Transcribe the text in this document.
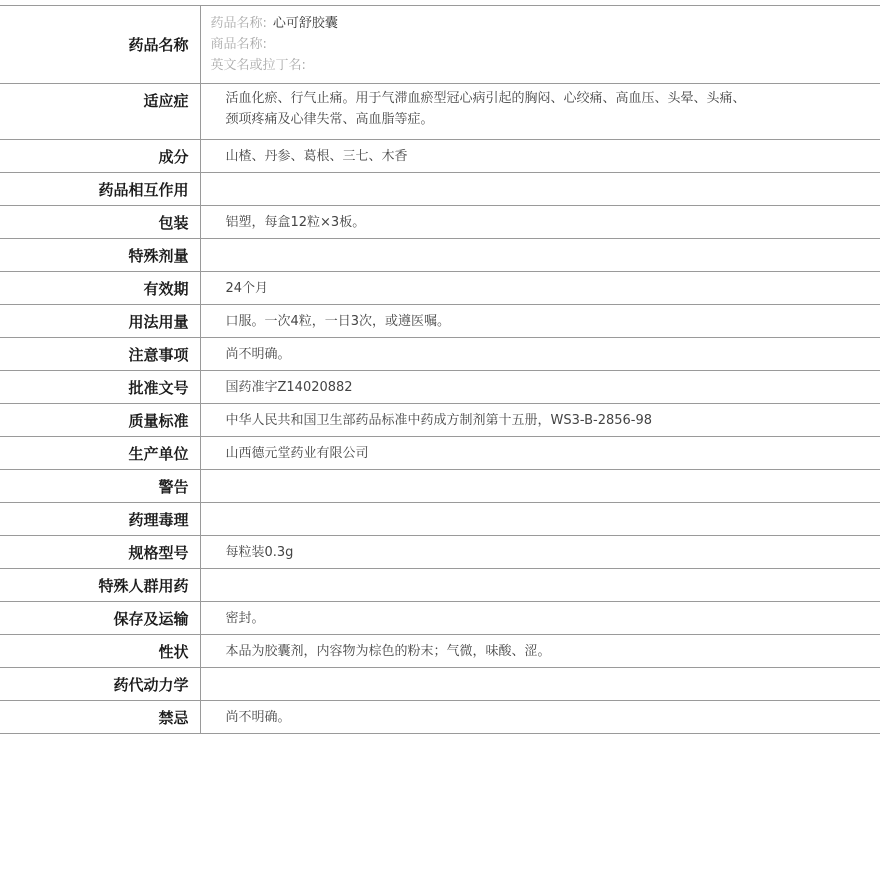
药品名称	药品名称: 心可舒胶囊
商品名称:
英文名或拉丁名:

适应症	活血化瘀、行气止痛。用于气滞血瘀型冠心病引起的胸闷、心绞痛、高血压、头晕、头痛、
颈项疼痛及心律失常、高血脂等症。

成分	山楂、丹参、葛根、三七、木香
药品相互作用	
包装	铝塑，每盒12粒×3板。
特殊剂量	
有效期	24个月
用法用量	口服。一次4粒，一日3次，或遵医嘱。
注意事项	尚不明确。
批准文号	国药准字Z14020882
质量标准	中华人民共和国卫生部药品标准中药成方制剂第十五册，WS3-B-2856-98
生产单位	山西德元堂药业有限公司
警告	
药理毒理	
规格型号	每粒装0.3g
特殊人群用药	
保存及运输	密封。
性状	本品为胶囊剂，内容物为棕色的粉末；气微，味酸、涩。
药代动力学	
禁忌	尚不明确。
